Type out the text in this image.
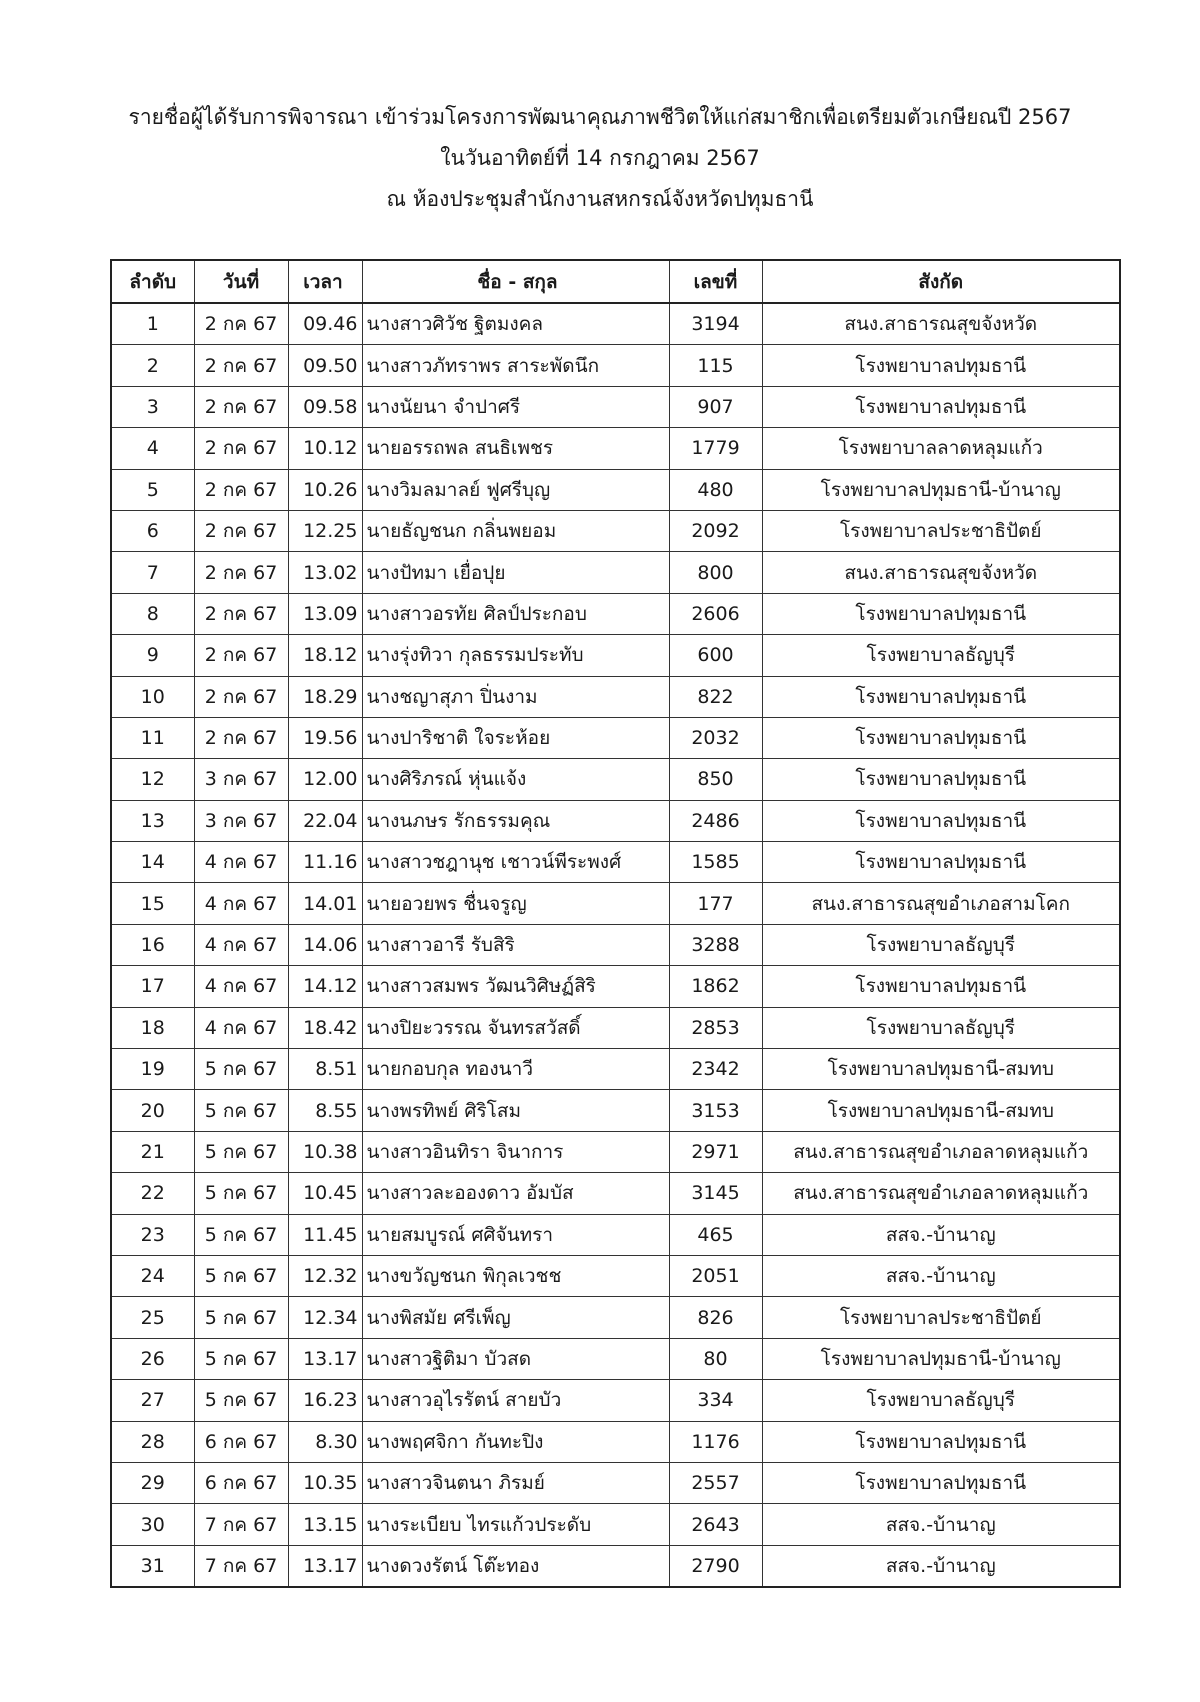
รายชื่อผู้ได้รับการพิจารณา เข้าร่วมโครงการพัฒนาคุณภาพชีวิตให้แก่สมาชิกเพื่อเตรียมตัวเกษียณปี 2567
ในวันอาทิตย์ที่ 14 กรกฎาคม 2567
ณ ห้องประชุมสำนักงานสหกรณ์จังหวัดปทุมธานี
ลำดับ	วันที่	เวลา	ชื่อ - สกุล	เลขที่	สังกัด
1	2 กค 67	09.46	นางสาวศิวัช ฐิตมงคล	3194	สนง.สาธารณสุขจังหวัด
2	2 กค 67	09.50	นางสาวภัทราพร สาระพัดนึก	115	โรงพยาบาลปทุมธานี
3	2 กค 67	09.58	นางนัยนา จำปาศรี	907	โรงพยาบาลปทุมธานี
4	2 กค 67	10.12	นายอรรถพล สนธิเพชร	1779	โรงพยาบาลลาดหลุมแก้ว
5	2 กค 67	10.26	นางวิมลมาลย์ ฟูศรีบุญ	480	โรงพยาบาลปทุมธานี-บ้านาญ
6	2 กค 67	12.25	นายธัญชนก กลิ่นพยอม	2092	โรงพยาบาลประชาธิปัตย์
7	2 กค 67	13.02	นางปัทมา เยื่อปุย	800	สนง.สาธารณสุขจังหวัด
8	2 กค 67	13.09	นางสาวอรทัย ศิลป์ประกอบ	2606	โรงพยาบาลปทุมธานี
9	2 กค 67	18.12	นางรุ่งทิวา กุลธรรมประทับ	600	โรงพยาบาลธัญบุรี
10	2 กค 67	18.29	นางชญาสุภา ปิ่นงาม	822	โรงพยาบาลปทุมธานี
11	2 กค 67	19.56	นางปาริชาติ ใจระห้อย	2032	โรงพยาบาลปทุมธานี
12	3 กค 67	12.00	นางศิริภรณ์ หุ่นแจ้ง	850	โรงพยาบาลปทุมธานี
13	3 กค 67	22.04	นางนภษร รักธรรมคุณ	2486	โรงพยาบาลปทุมธานี
14	4 กค 67	11.16	นางสาวชฎานุช เชาวน์พีระพงศ์	1585	โรงพยาบาลปทุมธานี
15	4 กค 67	14.01	นายอวยพร ชื่นจรูญ	177	สนง.สาธารณสุขอำเภอสามโคก
16	4 กค 67	14.06	นางสาวอารี รับสิริ	3288	โรงพยาบาลธัญบุรี
17	4 กค 67	14.12	นางสาวสมพร วัฒนวิศิษฏ์สิริ	1862	โรงพยาบาลปทุมธานี
18	4 กค 67	18.42	นางปิยะวรรณ จันทรสวัสดิ์	2853	โรงพยาบาลธัญบุรี
19	5 กค 67	8.51	นายกอบกุล ทองนาวี	2342	โรงพยาบาลปทุมธานี-สมทบ
20	5 กค 67	8.55	นางพรทิพย์ ศิริโสม	3153	โรงพยาบาลปทุมธานี-สมทบ
21	5 กค 67	10.38	นางสาวอินทิรา จินาการ	2971	สนง.สาธารณสุขอำเภอลาดหลุมแก้ว
22	5 กค 67	10.45	นางสาวละอองดาว อัมบัส	3145	สนง.สาธารณสุขอำเภอลาดหลุมแก้ว
23	5 กค 67	11.45	นายสมบูรณ์ ศศิจันทรา	465	สสจ.-บ้านาญ
24	5 กค 67	12.32	นางขวัญชนก พิกุลเวชช	2051	สสจ.-บ้านาญ
25	5 กค 67	12.34	นางพิสมัย ศรีเพ็ญ	826	โรงพยาบาลประชาธิปัตย์
26	5 กค 67	13.17	นางสาวฐิติมา บัวสด	80	โรงพยาบาลปทุมธานี-บ้านาญ
27	5 กค 67	16.23	นางสาวอุไรรัตน์ สายบัว	334	โรงพยาบาลธัญบุรี
28	6 กค 67	8.30	นางพฤศจิกา กันทะปิง	1176	โรงพยาบาลปทุมธานี
29	6 กค 67	10.35	นางสาวจินตนา ภิรมย์	2557	โรงพยาบาลปทุมธานี
30	7 กค 67	13.15	นางระเบียบ ไทรแก้วประดับ	2643	สสจ.-บ้านาญ
31	7 กค 67	13.17	นางดวงรัตน์ โต๊ะทอง	2790	สสจ.-บ้านาญ
